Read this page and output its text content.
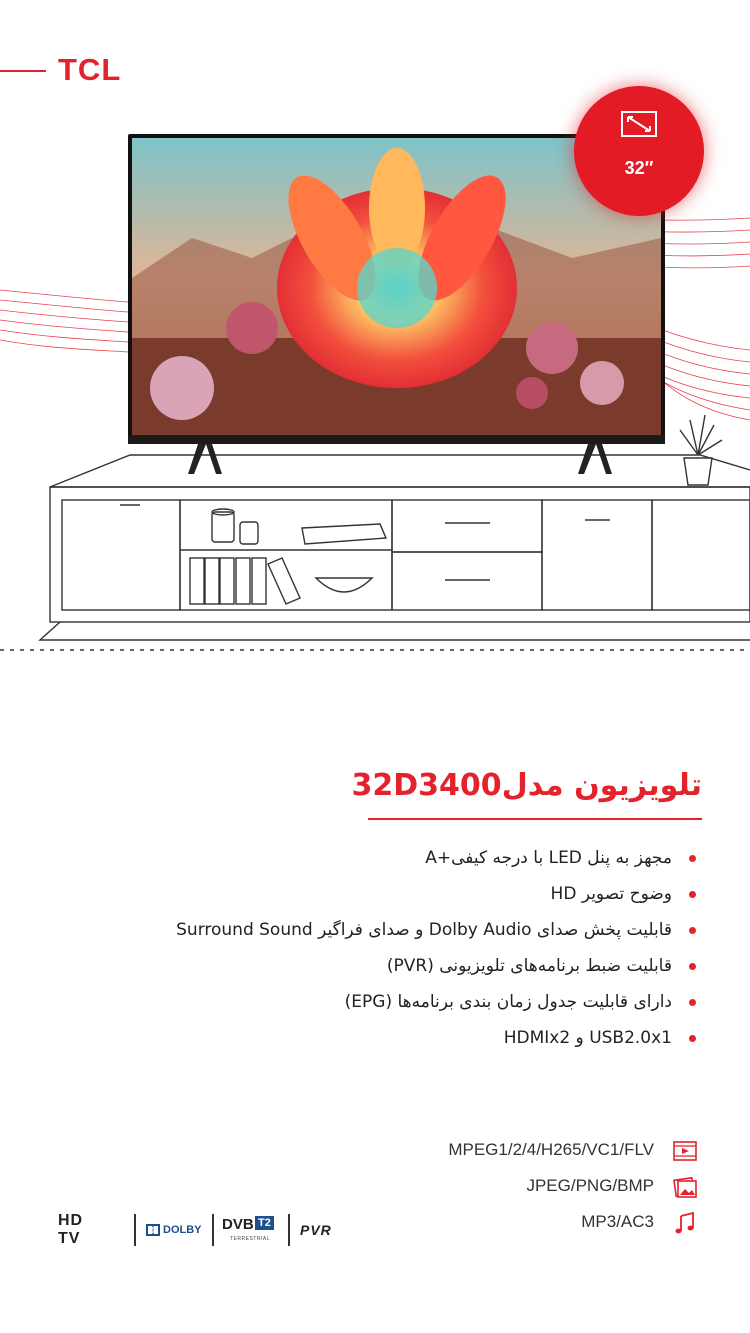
TCL
32″
تلویزیون مدل32D3400
مجهز به پنل LED با درجه کیفی+A
وضوح تصویر HD
قابلیت پخش صدای Dolby Audio و صدای فراگیر Surround Sound
قابلیت ضبط برنامه‌های تلویزیونی (PVR)
دارای قابلیت جدول زمان بندی برنامه‌ها (EPG)
USB2.0x1 و HDMIx2
MPEG1/2/4/H265/VC1/FLV
JPEG/PNG/BMP
MP3/AC3
HD TV	DOLBY DVB T2
TERRESTRIAL
PVR
